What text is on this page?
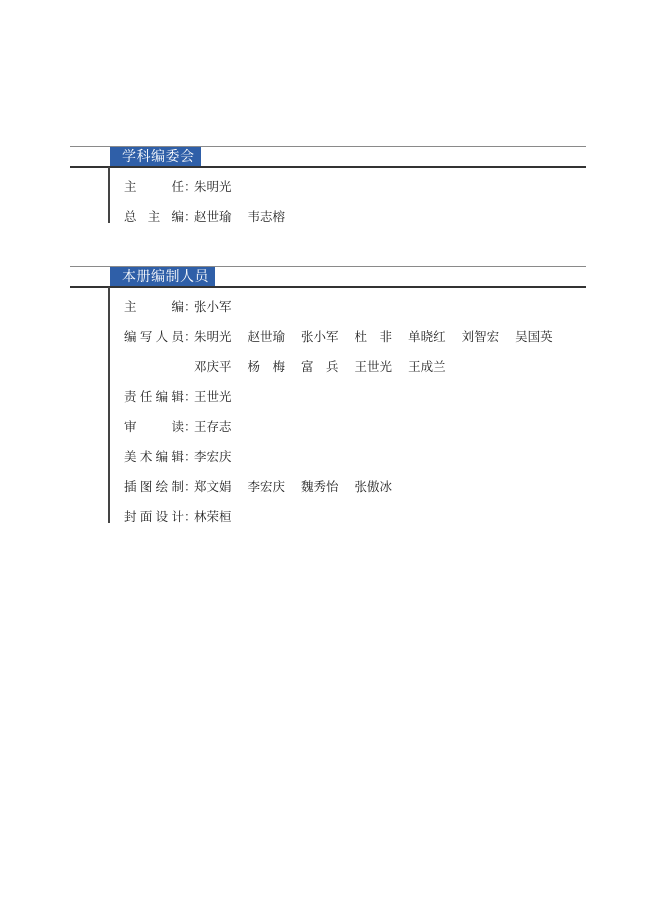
学科编委会
主	任 ：
朱明光
总 主 编 ：
赵世瑜 韦志榕
本册编制人员
主	编 ：
张小军
编 写 人 员 ：
朱明光 赵世瑜 张小军 杜　非 单晓红 刘智宏 吴国英
邓庆平 杨　梅 富　兵 王世光 王成兰
责 任 编 辑 ：
王世光
审	读 ：
王存志
美 术 编 辑 ：
李宏庆
插 图 绘 制 ：
郑文娟 李宏庆 魏秀怡 张傲冰
封 面 设 计 ：
林荣桓
